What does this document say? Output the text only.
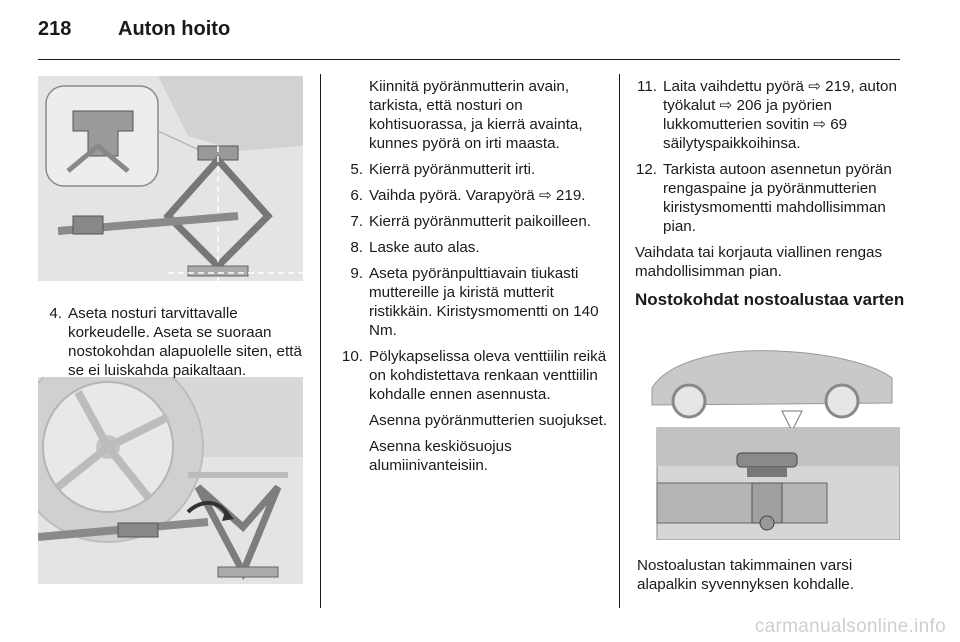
218	Auton hoito
4. Aseta nosturi tarvittavalle korkeudelle. Aseta se suoraan nostokohdan alapuolelle siten, että se ei luiskahda paikaltaan.

Kiinnitä pyöränmutterin avain, tarkista, että nosturi on kohtisuorassa, ja kierrä avainta, kunnes pyörä on irti maasta.

5. Kierrä pyöränmutterit irti.
6. Vaihda pyörä. Varapyörä ⇨ 219.
7. Kierrä pyöränmutterit paikoilleen.
8. Laske auto alas.
9. Aseta pyöränpulttiavain tiukasti muttereille ja kiristä mutterit ristikkäin. Kiristysmomentti on 140 Nm.
10. Pölykapselissa oleva venttiilin reikä on kohdistettava renkaan venttiilin kohdalle ennen asennusta.

Asenna pyöränmutterien suojukset.

Asenna keskiösuojus alumiinivanteisiin.

11. Laita vaihdettu pyörä ⇨ 219, auton työkalut ⇨ 206 ja pyörien lukkomutterien sovitin ⇨ 69 säilytyspaikkoihinsa.
12. Tarkista autoon asennetun pyörän rengaspaine ja pyöränmutterien kiristysmomentti mahdollisimman pian.

Vaihdata tai korjauta viallinen rengas mahdollisimman pian.

Nostokohdat nostoalustaa varten
Nostoalustan takimmainen varsi alapalkin syvennyksen kohdalle.
carmanualsonline.info
